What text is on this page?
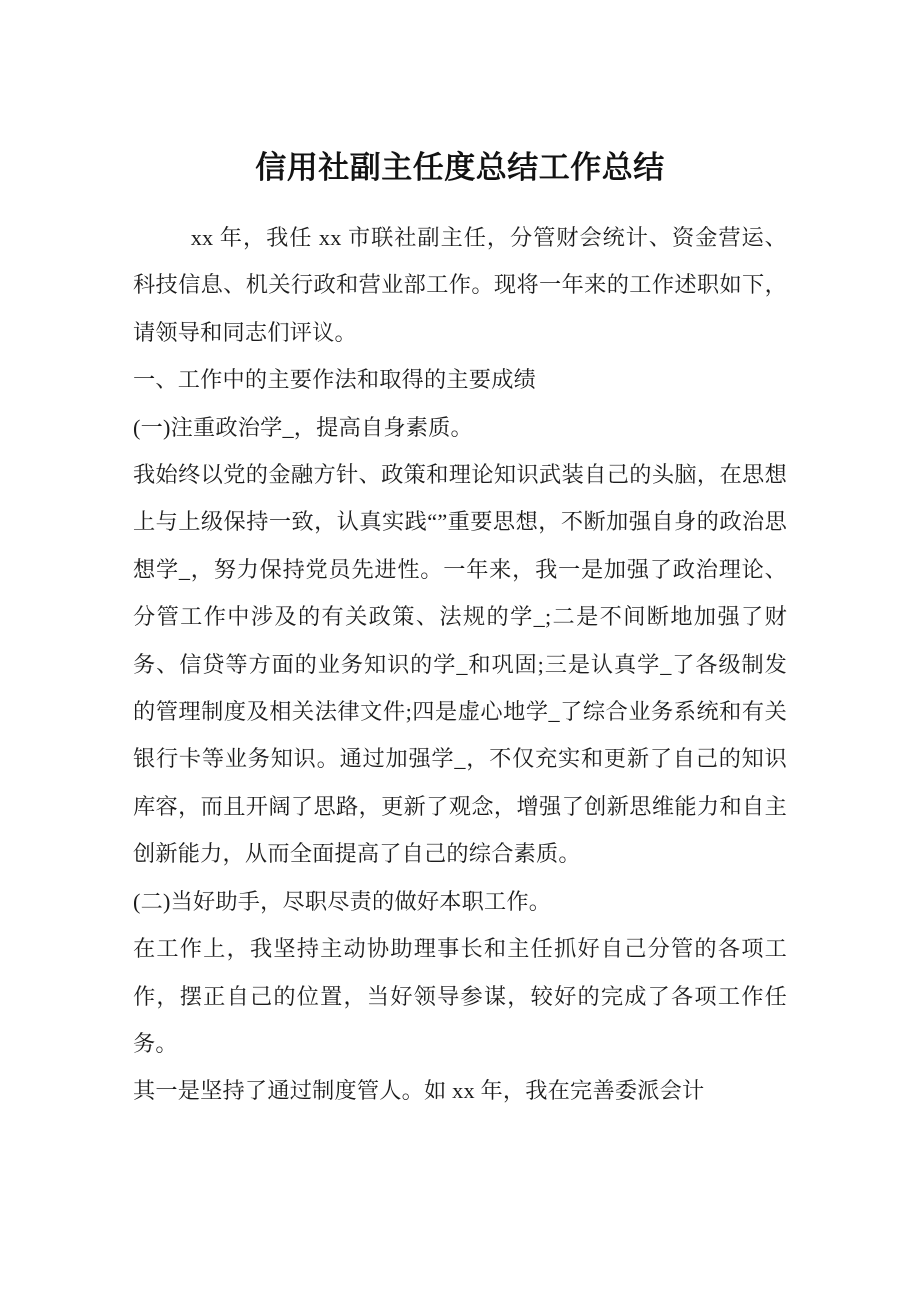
信用社副主任度总结工作总结

xx 年，我任 xx 市联社副主任，分管财会统计、资金营运、科技信息、机关行政和营业部工作。现将一年来的工作述职如下，请领导和同志们评议。

一、工作中的主要作法和取得的主要成绩

(一)注重政治学_，提高自身素质。

我始终以党的金融方针、政策和理论知识武装自己的头脑，在思想上与上级保持一致，认真实践“”重要思想，不断加强自身的政治思想学_，努力保持党员先进性。一年来，我一是加强了政治理论、分管工作中涉及的有关政策、法规的学_;二是不间断地加强了财务、信贷等方面的业务知识的学_和巩固;三是认真学_了各级制发的管理制度及相关法律文件;四是虚心地学_了综合业务系统和有关银行卡等业务知识。通过加强学_，不仅充实和更新了自己的知识库容，而且开阔了思路，更新了观念，增强了创新思维能力和自主创新能力，从而全面提高了自己的综合素质。

(二)当好助手，尽职尽责的做好本职工作。

在工作上，我坚持主动协助理事长和主任抓好自己分管的各项工作，摆正自己的位置，当好领导参谋，较好的完成了各项工作任务。

其一是坚持了通过制度管人。如 xx 年，我在完善委派会计
